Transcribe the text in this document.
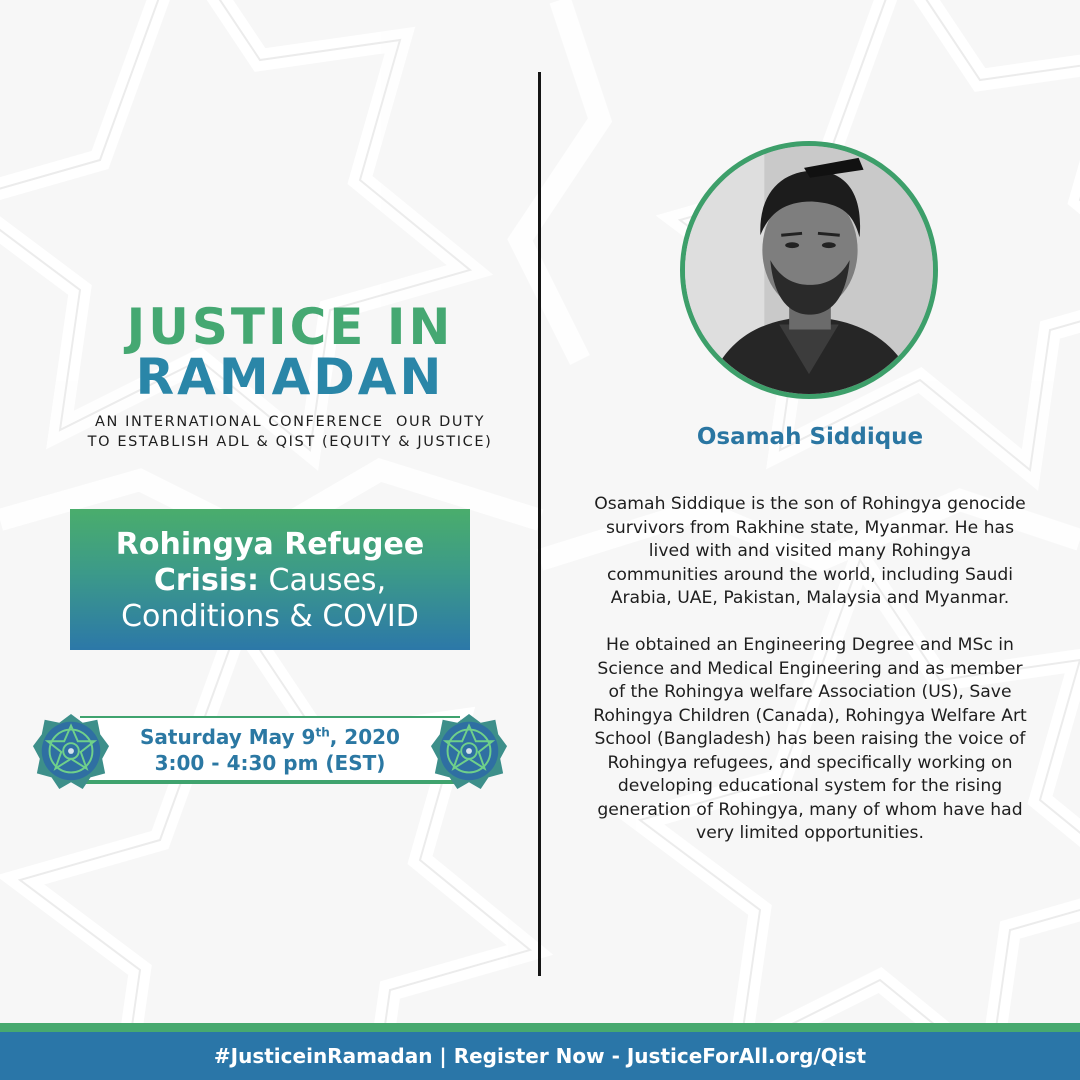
JUSTICE IN
RAMADAN
AN INTERNATIONAL CONFERENCE  OUR DUTY
TO ESTABLISH ADL & QIST (EQUITY & JUSTICE)
Rohingya Refugee
Crisis: Causes,
Conditions & COVID
Saturday May 9th, 2020
3:00 - 4:30 pm (EST)
Osamah Siddique

Osamah Siddique is the son of Rohingya genocide survivors from Rakhine state, Myanmar. He has lived with and visited many Rohingya communities around the world, including Saudi Arabia, UAE, Pakistan, Malaysia and Myanmar.

He obtained an Engineering Degree and MSc in Science and Medical Engineering and as member of the Rohingya welfare Association (US), Save Rohingya Children (Canada), Rohingya Welfare Art School (Bangladesh) has been raising the voice of Rohingya refugees, and specifically working on developing educational system for the rising generation of Rohingya, many of whom have had very limited opportunities.

#JusticeinRamadan | Register Now - JusticeForAll.org/Qist
